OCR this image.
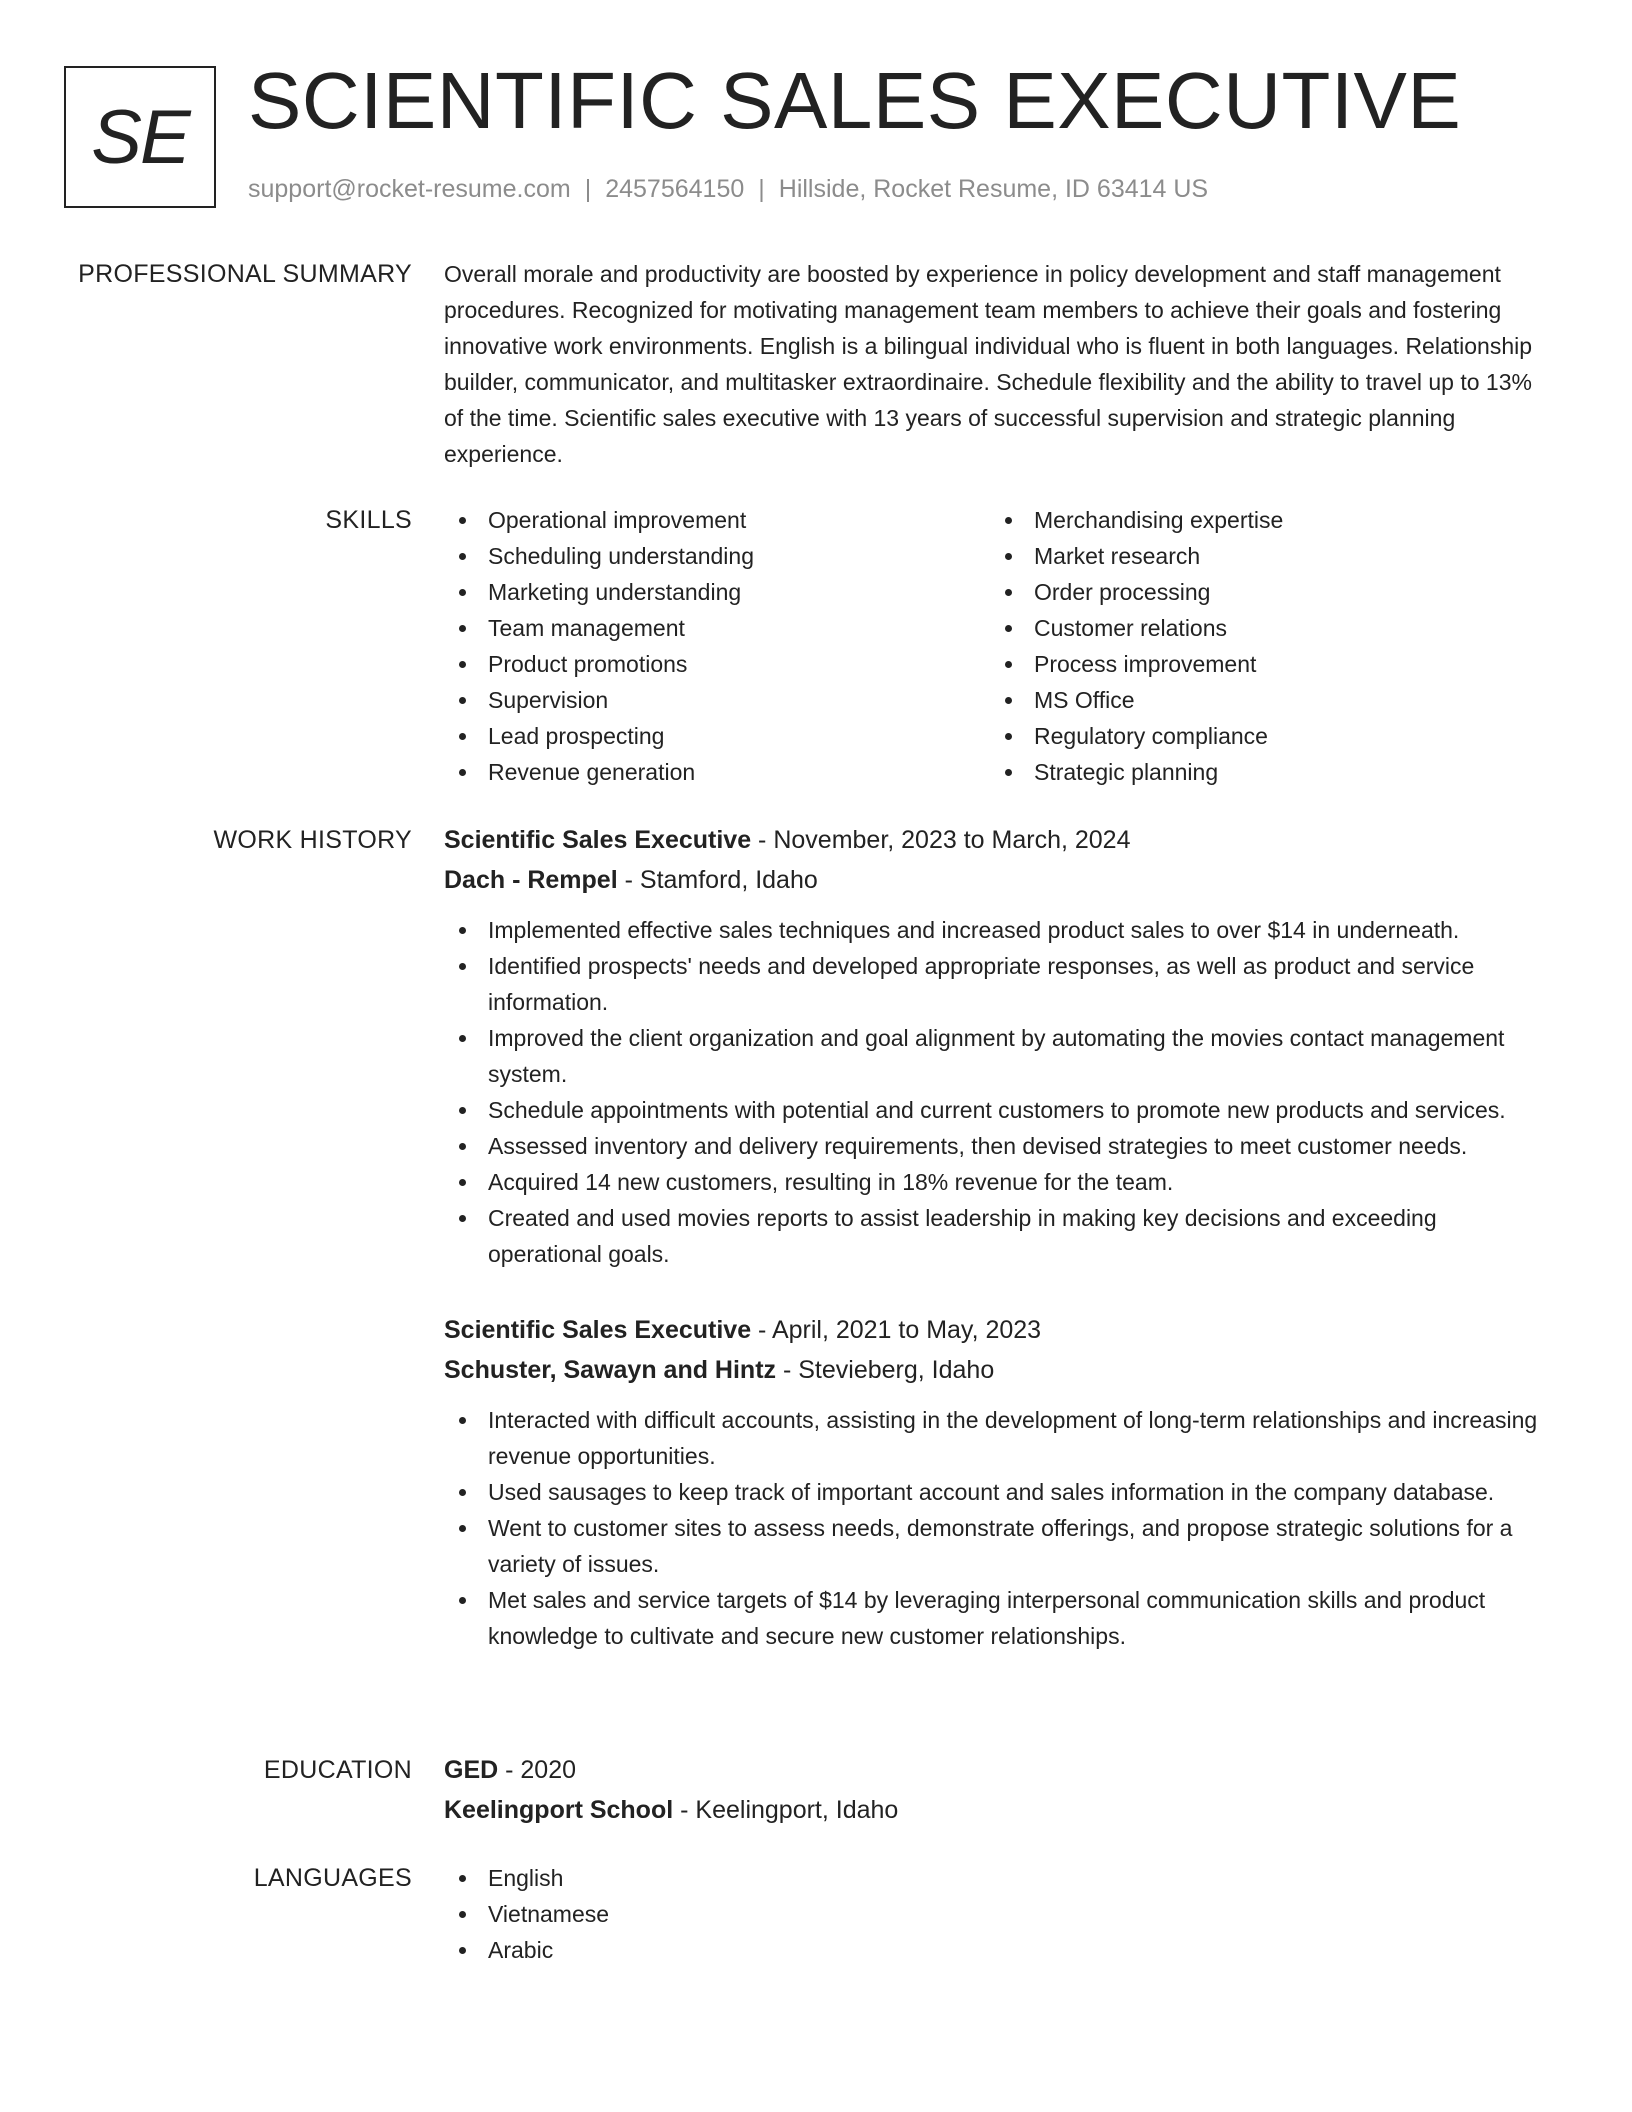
SE SCIENTIFIC SALES EXECUTIVE
support@rocket-resume.com | 2457564150 | Hillside, Rocket Resume, ID 63414 US
PROFESSIONAL SUMMARY Overall morale and productivity are boosted by experience in policy development and staff management procedures. Recognized for motivating management team members to achieve their goals and fostering innovative work environments. English is a bilingual individual who is fluent in both languages. Relationship builder, communicator, and multitasker extraordinaire. Schedule flexibility and the ability to travel up to 13% of the time. Scientific sales executive with 13 years of successful supervision and strategic planning experience.
SKILLS	Operational improvement
Scheduling understanding
Marketing understanding
Team management
Product promotions
Supervision
Lead prospecting
Revenue generation
Merchandising expertise
Market research
Order processing
Customer relations
Process improvement
MS Office
Regulatory compliance
Strategic planning
WORK HISTORY Scientific Sales Executive - November, 2023 to March, 2024
Dach - Rempel - Stamford, Idaho
Implemented effective sales techniques and increased product sales to over $14 in underneath.
Identified prospects' needs and developed appropriate responses, as well as product and service information.
Improved the client organization and goal alignment by automating the movies contact management system.
Schedule appointments with potential and current customers to promote new products and services.
Assessed inventory and delivery requirements, then devised strategies to meet customer needs.
Acquired 14 new customers, resulting in 18% revenue for the team.
Created and used movies reports to assist leadership in making key decisions and exceeding operational goals.
Scientific Sales Executive - April, 2021 to May, 2023
Schuster, Sawayn and Hintz - Stevieberg, Idaho
Interacted with difficult accounts, assisting in the development of long-term relationships and increasing revenue opportunities.
Used sausages to keep track of important account and sales information in the company database.
Went to customer sites to assess needs, demonstrate offerings, and propose strategic solutions for a variety of issues.
Met sales and service targets of $14 by leveraging interpersonal communication skills and product knowledge to cultivate and secure new customer relationships.
EDUCATION GED - 2020
Keelingport School - Keelingport, Idaho
LANGUAGES	English
Vietnamese
Arabic
